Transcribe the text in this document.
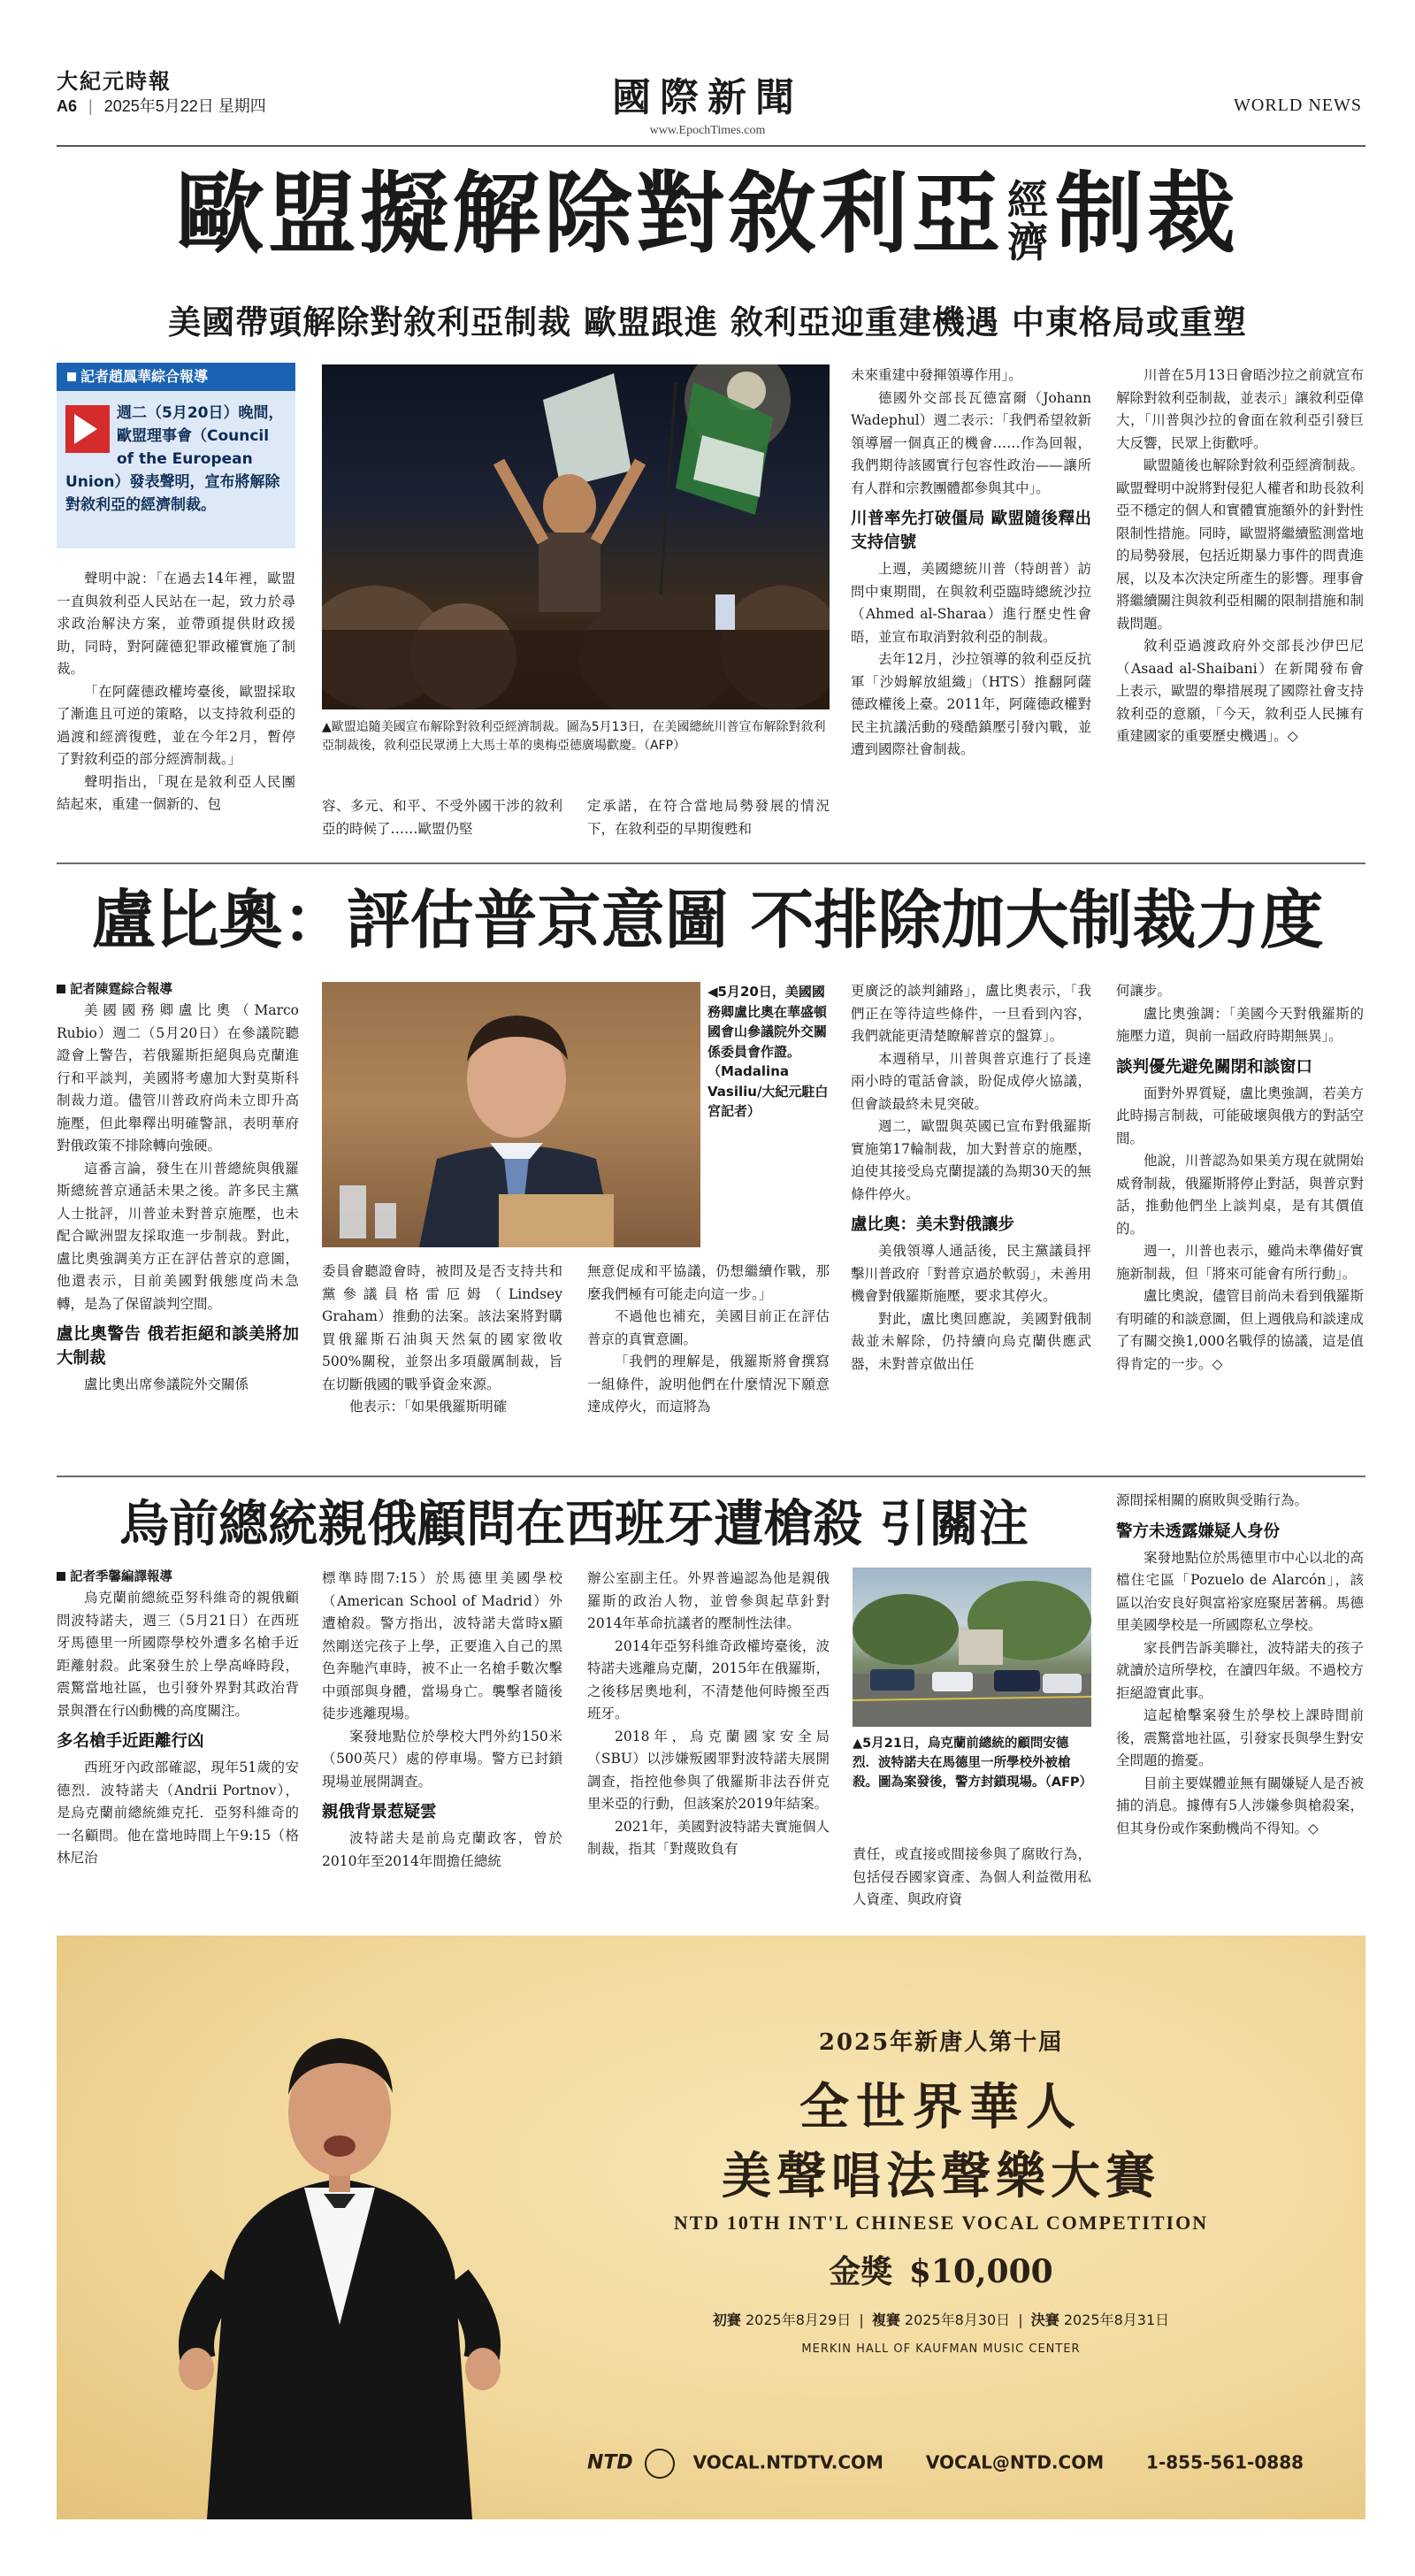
大紀元時報
A6 | 2025年5月22日 星期四	國際新聞
www.EpochTimes.com
WORLD NEWS
歐盟擬解除對敘利亞 經
濟 制裁
美國帶頭解除對敘利亞制裁 歐盟跟進 敘利亞迎重建機遇 中東格局或重塑
記者趙鳳華綜合報導
週二（5月20日）晚間，歐盟理事會（Council of the European Union）發表聲明，宣布將解除對敘利亞的經濟制裁。

聲明中說：「在過去14年裡，歐盟一直與敘利亞人民站在一起，致力於尋求政治解決方案，並帶頭提供財政援助，同時，對阿薩德犯罪政權實施了制裁。

「在阿薩德政權垮臺後，歐盟採取了漸進且可逆的策略，以支持敘利亞的過渡和經濟復甦，並在今年2月，暫停了對敘利亞的部分經濟制裁。」

聲明指出，「現在是敘利亞人民團結起來，重建一個新的、包

▲歐盟追隨美國宣布解除對敘利亞經濟制裁。圖為5月13日，在美國總統川普宣布解除對敘利亞制裁後，敘利亞民眾湧上大馬士革的奧梅亞德廣場歡慶。（AFP）

容、多元、和平、不受外國干涉的敘利亞的時候了……歐盟仍堅

定承諾，在符合當地局勢發展的情況下，在敘利亞的早期復甦和

未來重建中發揮領導作用」。

德國外交部長瓦德富爾（Johann Wadephul）週二表示：「我們希望敘新領導層一個真正的機會……作為回報，我們期待該國實行包容性政治——讓所有人群和宗教團體都參與其中」。

川普率先打破僵局 歐盟隨後釋出支持信號

上週，美國總統川普（特朗普）訪問中東期間，在與敘利亞臨時總統沙拉（Ahmed al-Sharaa）進行歷史性會晤，並宣布取消對敘利亞的制裁。

去年12月，沙拉領導的敘利亞反抗軍「沙姆解放組織」（HTS）推翻阿薩德政權後上臺。2011年，阿薩德政權對民主抗議活動的殘酷鎮壓引發內戰，並遭到國際社會制裁。

川普在5月13日會晤沙拉之前就宣布解除對敘利亞制裁，並表示」讓敘利亞偉大，「川普與沙拉的會面在敘利亞引發巨大反響，民眾上街歡呼。

歐盟隨後也解除對敘利亞經濟制裁。歐盟聲明中說將對侵犯人權者和助長敘利亞不穩定的個人和實體實施額外的針對性限制性措施。同時，歐盟將繼續監測當地的局勢發展，包括近期暴力事件的問責進展，以及本次決定所產生的影響。理事會將繼續關注與敘利亞相關的限制措施和制裁問題。

敘利亞過渡政府外交部長沙伊巴尼（Asaad al-Shaibani）在新聞發布會上表示，歐盟的舉措展現了國際社會支持敘利亞的意願，「今天，敘利亞人民擁有重建國家的重要歷史機遇」。◇

盧比奧：評估普京意圖 不排除加大制裁力度
記者陳霆綜合報導

美國國務卿盧比奧（Marco Rubio）週二（5月20日）在參議院聽證會上警告，若俄羅斯拒絕與烏克蘭進行和平談判，美國將考慮加大對莫斯科制裁力道。儘管川普政府尚未立即升高施壓，但此舉釋出明確警訊，表明華府對俄政策不排除轉向強硬。

這番言論，發生在川普總統與俄羅斯總統普京通話未果之後。許多民主黨人士批評，川普並未對普京施壓，也未配合歐洲盟友採取進一步制裁。對此，盧比奧強調美方正在評估普京的意圖，他還表示，目前美國對俄態度尚未急轉，是為了保留談判空間。

盧比奧警告 俄若拒絕和談美將加大制裁

盧比奧出席參議院外交關係

◀5月20日，美國國務卿盧比奧在華盛頓國會山參議院外交關係委員會作證。（Madalina Vasiliu/大紀元駐白宮記者）

委員會聽證會時，被問及是否支持共和黨參議員格雷厄姆（Lindsey Graham）推動的法案。該法案將對購買俄羅斯石油與天然氣的國家徵收500%關稅，並祭出多項嚴厲制裁，旨在切斷俄國的戰爭資金來源。

他表示：「如果俄羅斯明確

無意促成和平協議，仍想繼續作戰，那麼我們極有可能走向這一步。」

不過他也補充，美國目前正在評估普京的真實意圖。

「我們的理解是，俄羅斯將會撰寫一組條件，說明他們在什麼情況下願意達成停火，而這將為

更廣泛的談判鋪路」，盧比奧表示，「我們正在等待這些條件，一旦看到內容，我們就能更清楚瞭解普京的盤算」。

本週稍早，川普與普京進行了長達兩小時的電話會談，盼促成停火協議，但會談最終未見突破。

週二，歐盟與英國已宣布對俄羅斯實施第17輪制裁，加大對普京的施壓，迫使其接受烏克蘭提議的為期30天的無條件停火。

盧比奧：美未對俄讓步

美俄領導人通話後，民主黨議員抨擊川普政府「對普京過於軟弱」，未善用機會對俄羅斯施壓，要求其停火。

對此，盧比奧回應說，美國對俄制裁並未解除，仍持續向烏克蘭供應武器，未對普京做出任

何讓步。

盧比奧強調：「美國今天對俄羅斯的施壓力道，與前一屆政府時期無異」。

談判優先避免關閉和談窗口

面對外界質疑，盧比奧強調，若美方此時揚言制裁，可能破壞與俄方的對話空間。

他說，川普認為如果美方現在就開始威脅制裁，俄羅斯將停止對話，與普京對話，推動他們坐上談判桌，是有其價值的。

週一，川普也表示，雖尚未準備好實施新制裁，但「將來可能會有所行動」。

盧比奧說，儘管目前尚未看到俄羅斯有明確的和談意圖，但上週俄烏和談達成了有關交換1,000名戰俘的協議，這是值得肯定的一步。◇

烏前總統親俄顧問在西班牙遭槍殺 引關注
記者季馨編譯報導

烏克蘭前總統亞努科維奇的親俄顧問波特諾夫，週三（5月21日）在西班牙馬德里一所國際學校外遭多名槍手近距離射殺。此案發生於上學高峰時段，震驚當地社區，也引發外界對其政治背景與潛在行凶動機的高度關注。

多名槍手近距離行凶

西班牙內政部確認，現年51歲的安德烈．波特諾夫（Andrii Portnov），是烏克蘭前總統維克托．亞努科維奇的一名顧問。他在當地時間上午9:15（格林尼治

標準時間7:15）於馬德里美國學校（American School of Madrid）外遭槍殺。警方指出，波特諾夫當時x顯然剛送完孩子上學，正要進入自己的黑色奔馳汽車時，被不止一名槍手數次擊中頭部與身體，當場身亡。襲擊者隨後徒步逃離現場。

案發地點位於學校大門外約150米（500英尺）處的停車場。警方已封鎖現場並展開調查。

親俄背景惹疑雲

波特諾夫是前烏克蘭政客，曾於2010年至2014年間擔任總統

辦公室副主任。外界普遍認為他是親俄羅斯的政治人物，並曾參與起草針對2014年革命抗議者的壓制性法律。

2014年亞努科維奇政權垮臺後，波特諾夫逃離烏克蘭，2015年在俄羅斯，之後移居奧地利，不清楚他何時搬至西班牙。

2018年，烏克蘭國家安全局（SBU）以涉嫌叛國罪對波特諾夫展開調查，指控他參與了俄羅斯非法吞併克里米亞的行動，但該案於2019年結案。

2021年，美國對波特諾夫實施個人制裁，指其「對蔑敗負有

▲5月21日，烏克蘭前總統的顧問安德烈．波特諾夫在馬德里一所學校外被槍殺。圖為案發後，警方封鎖現場。（AFP）

責任，或直接或間接參與了腐敗行為，包括侵吞國家資產、為個人利益徵用私人資產、與政府資

源間採相關的腐敗與受賄行為。

警方未透露嫌疑人身份

案發地點位於馬德里市中心以北的高檔住宅區「Pozuelo de Alarcón」，該區以治安良好與富裕家庭聚居著稱。馬德里美國學校是一所國際私立學校。

家長們告訴美聯社，波特諾夫的孩子就讀於這所學校，在讀四年級。不過校方拒絕證實此事。

這起槍擊案發生於學校上課時間前後，震驚當地社區，引發家長與學生對安全問題的擔憂。

目前主要媒體並無有關嫌疑人是否被捕的消息。據傳有5人涉嫌參與槍殺案，但其身份或作案動機尚不得知。◇

2025年新唐人第十屆
全世界華人
美聲唱法聲樂大賽
NTD 10TH INT'L CHINESE VOCAL COMPETITION
金獎 $10,000
初賽 2025年8月29日 | 複賽 2025年8月30日 | 決賽 2025年8月31日
MERKIN HALL OF KAUFMAN MUSIC CENTER
NTD	VOCAL.NTDTV.COM VOCAL@NTD.COM 1-855-561-0888
